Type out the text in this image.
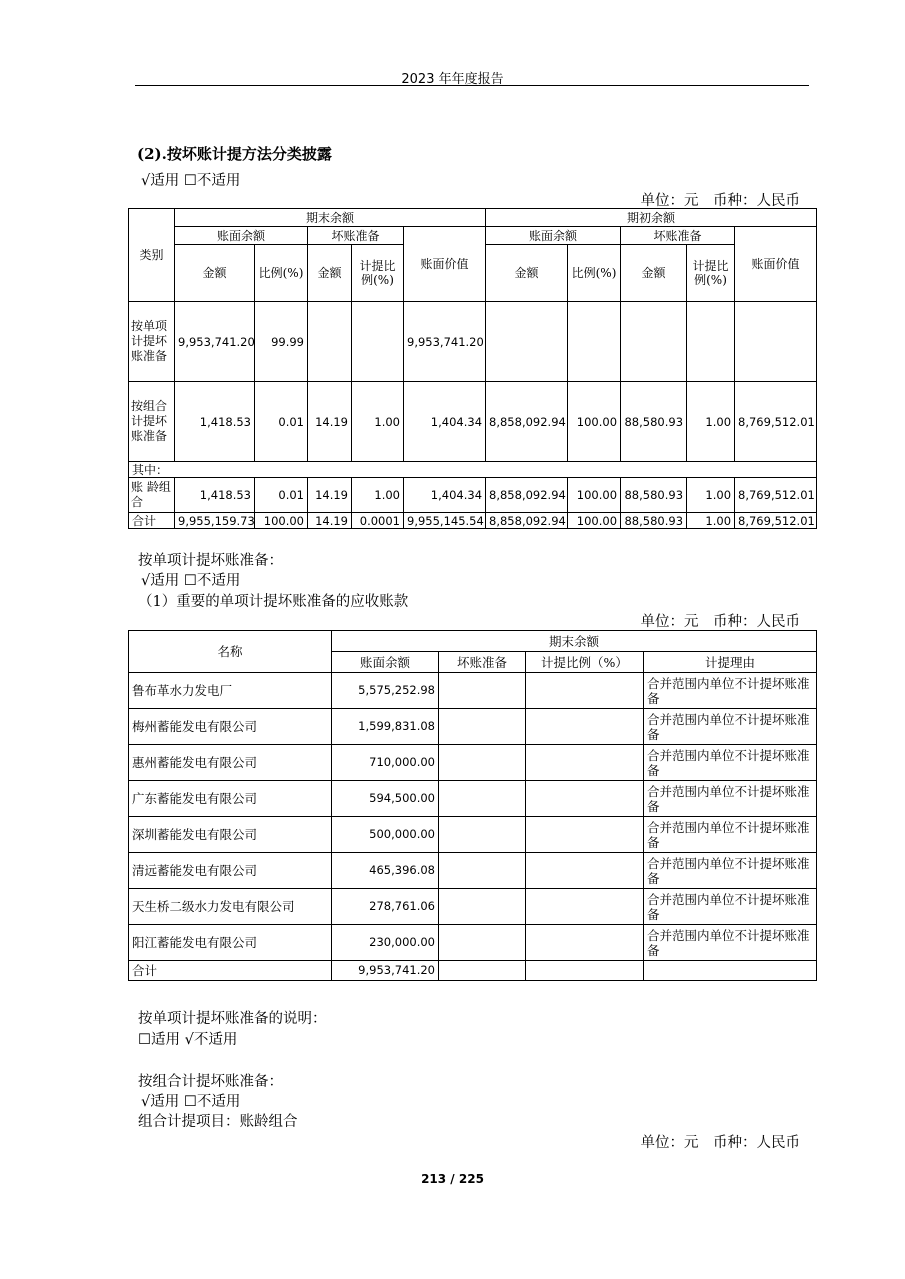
2023 年年度报告
(2).按坏账计提方法分类披露
√适用 ☐不适用
单位：元　币种：人民币
类别	期末余额					期初余额				
	账面余额		坏账准备		账面价值	账面余额		坏账准备		账面价值
	金额	比例(%)	金额	计提比例(%)		金额	比例(%)	金额	计提比例(%)	
按单项计提坏账准备	9,953,741.20	99.99			9,953,741.20					
按组合计提坏账准备	1,418.53	0.01	14.19	1.00	1,404.34	8,858,092.94	100.00	88,580.93	1.00	8,769,512.01
其中：										
账 龄组合	1,418.53	0.01	14.19	1.00	1,404.34	8,858,092.94	100.00	88,580.93	1.00	8,769,512.01
合计	9,955,159.73	100.00	14.19	0.0001	9,955,145.54	8,858,092.94	100.00	88,580.93	1.00	8,769,512.01
按单项计提坏账准备：
√适用 ☐不适用
（1）重要的单项计提坏账准备的应收账款
单位：元　币种：人民币
名称	期末余额			
	账面余额	坏账准备	计提比例（%）	计提理由
鲁布革水力发电厂	5,575,252.98			合并范围内单位不计提坏账准备
梅州蓄能发电有限公司	1,599,831.08			合并范围内单位不计提坏账准备
惠州蓄能发电有限公司	710,000.00			合并范围内单位不计提坏账准备
广东蓄能发电有限公司	594,500.00			合并范围内单位不计提坏账准备
深圳蓄能发电有限公司	500,000.00			合并范围内单位不计提坏账准备
清远蓄能发电有限公司	465,396.08			合并范围内单位不计提坏账准备
天生桥二级水力发电有限公司	278,761.06			合并范围内单位不计提坏账准备
阳江蓄能发电有限公司	230,000.00			合并范围内单位不计提坏账准备
合计	9,953,741.20			
按单项计提坏账准备的说明：
☐适用 √不适用
按组合计提坏账准备：
√适用 ☐不适用
组合计提项目：账龄组合
单位：元　币种：人民币
213 / 225
